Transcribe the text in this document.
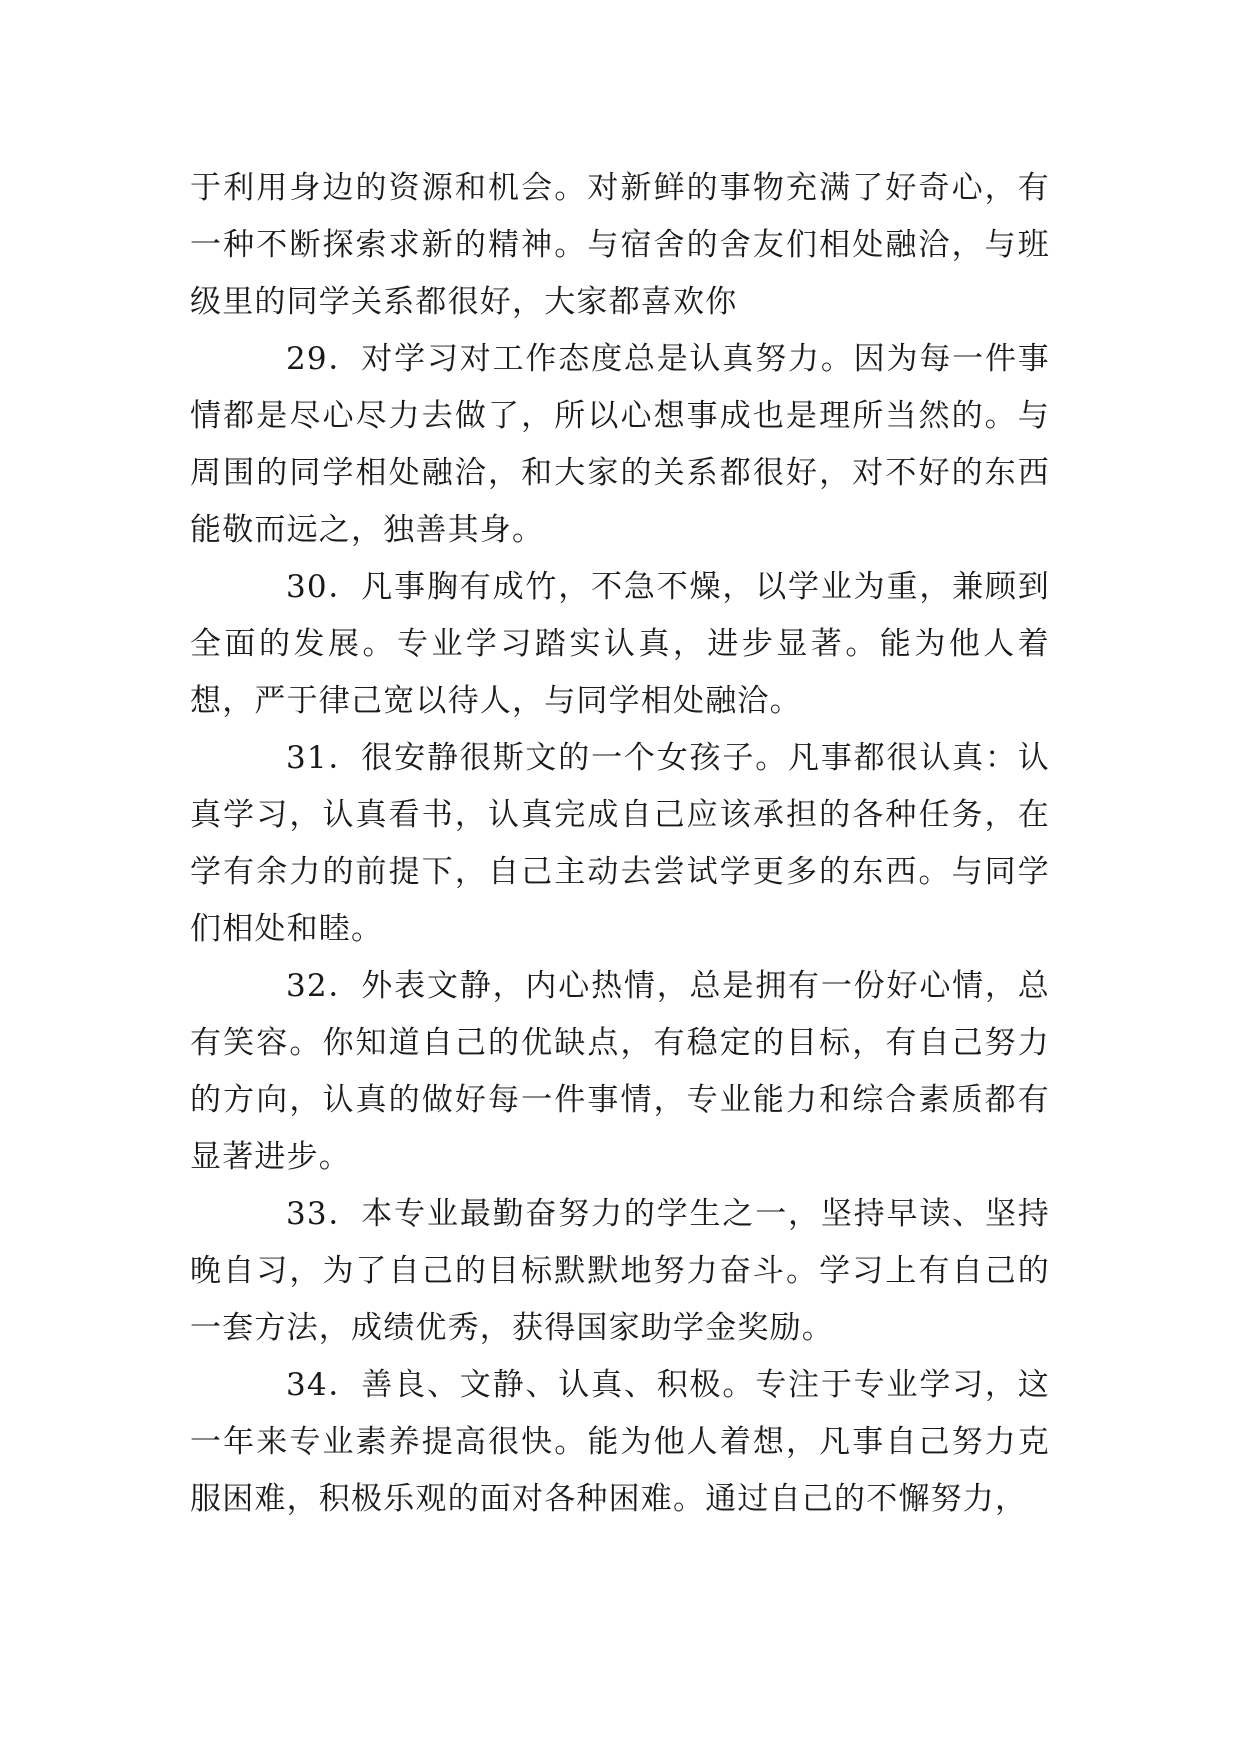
于利用身边的资源和机会。对新鲜的事物充满了好奇心，有一种不断探索求新的精神。与宿舍的舍友们相处融洽，与班级里的同学关系都很好，大家都喜欢你

29．对学习对工作态度总是认真努力。因为每一件事情都是尽心尽力去做了，所以心想事成也是理所当然的。与周围的同学相处融洽，和大家的关系都很好，对不好的东西能敬而远之，独善其身。

30．凡事胸有成竹，不急不燥，以学业为重，兼顾到全面的发展。专业学习踏实认真，进步显著。能为他人着想，严于律己宽以待人，与同学相处融洽。

31．很安静很斯文的一个女孩子。凡事都很认真：认真学习，认真看书，认真完成自己应该承担的各种任务，在学有余力的前提下，自己主动去尝试学更多的东西。与同学们相处和睦。

32．外表文静，内心热情，总是拥有一份好心情，总有笑容。你知道自己的优缺点，有稳定的目标，有自己努力的方向，认真的做好每一件事情，专业能力和综合素质都有显著进步。

33．本专业最勤奋努力的学生之一，坚持早读、坚持晚自习，为了自己的目标默默地努力奋斗。学习上有自己的一套方法，成绩优秀，获得国家助学金奖励。

34．善良、文静、认真、积极。专注于专业学习，这一年来专业素养提高很快。能为他人着想，凡事自己努力克服困难，积极乐观的面对各种困难。通过自己的不懈努力，
